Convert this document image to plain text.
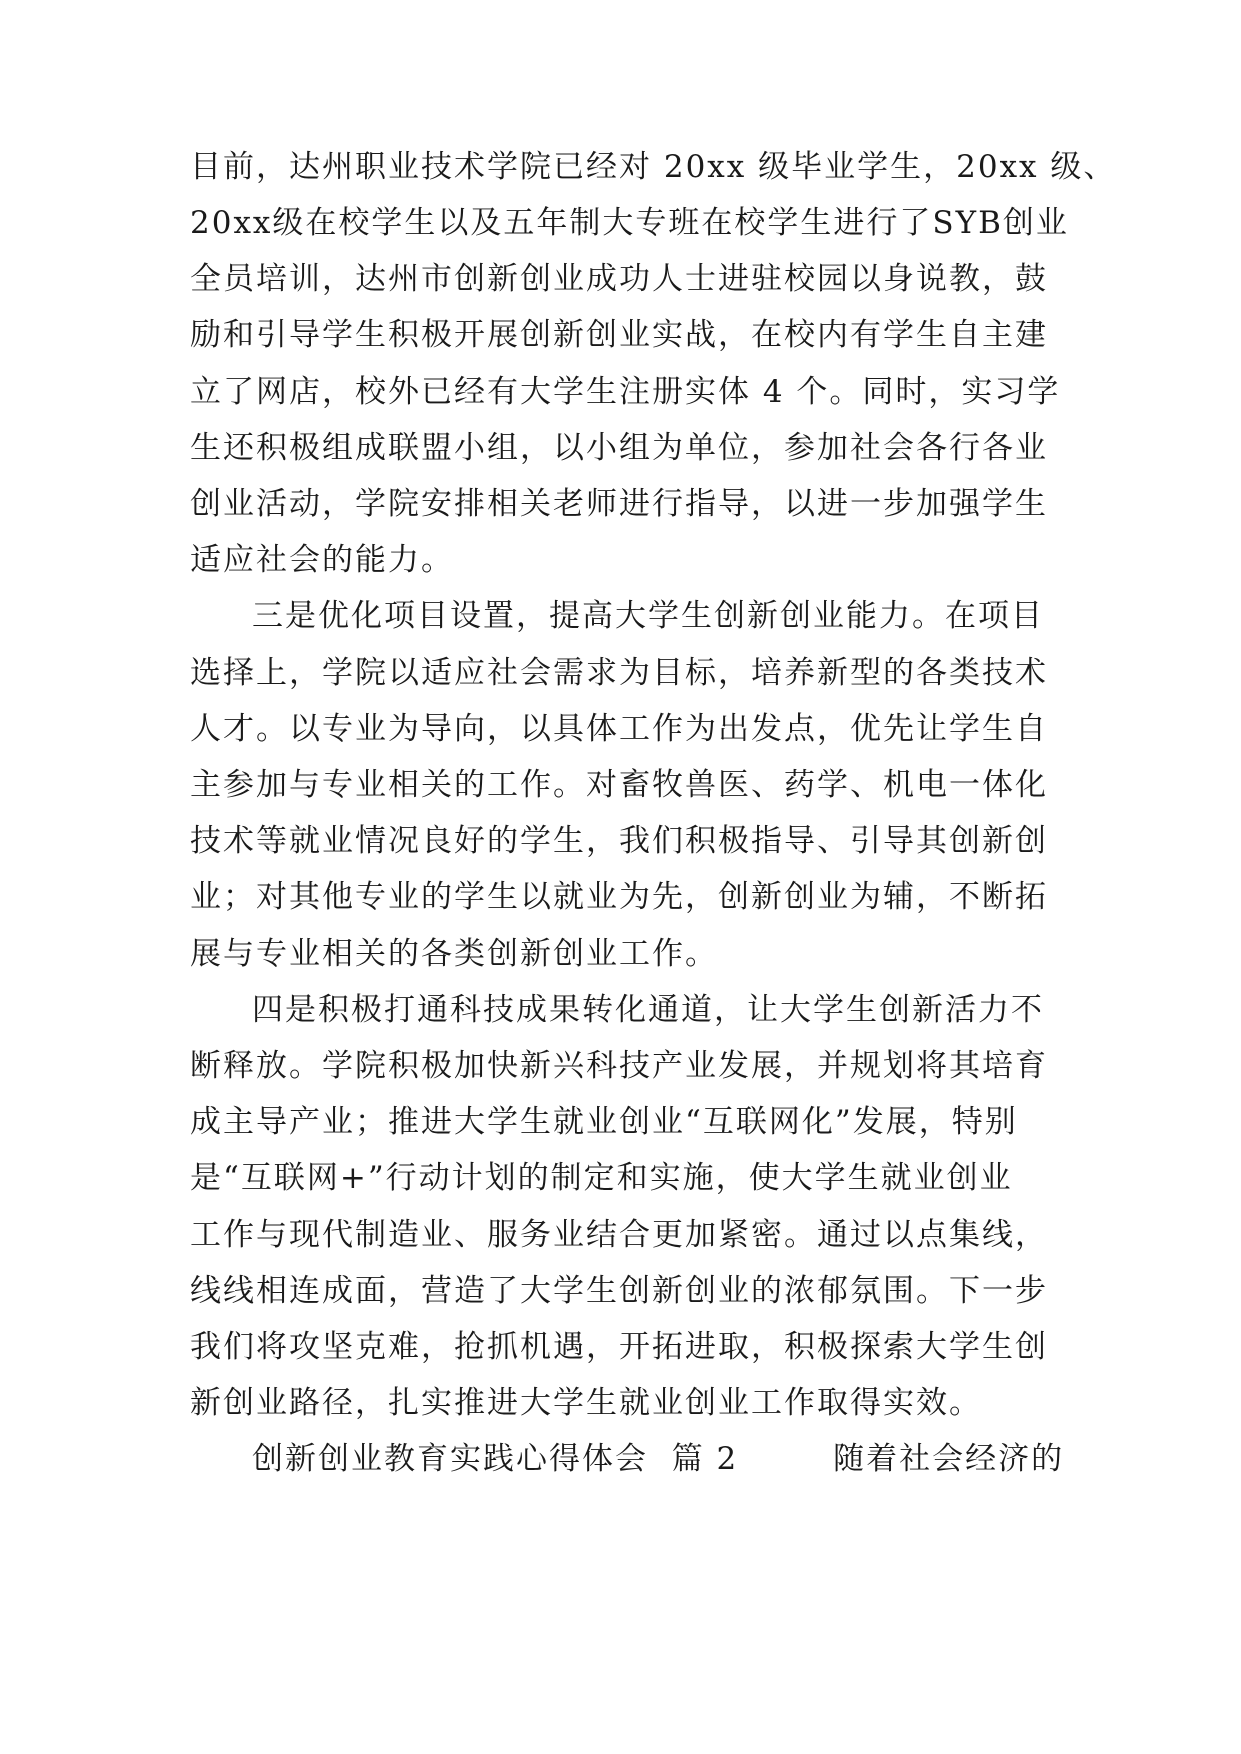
目前，达州职业技术学院已经对 20xx 级毕业学生，20xx 级、
20xx级在校学生以及五年制大专班在校学生进行了SYB创业
全员培训，达州市创新创业成功人士进驻校园以身说教，鼓
励和引导学生积极开展创新创业实战，在校内有学生自主建
立了网店，校外已经有大学生注册实体 4 个。同时，实习学
生还积极组成联盟小组，以小组为单位，参加社会各行各业
创业活动，学院安排相关老师进行指导，以进一步加强学生
适应社会的能力。
三是优化项目设置，提高大学生创新创业能力。在项目
选择上，学院以适应社会需求为目标，培养新型的各类技术
人才。以专业为导向，以具体工作为出发点，优先让学生自
主参加与专业相关的工作。对畜牧兽医、药学、机电一体化
技术等就业情况良好的学生，我们积极指导、引导其创新创
业；对其他专业的学生以就业为先，创新创业为辅，不断拓
展与专业相关的各类创新创业工作。
四是积极打通科技成果转化通道，让大学生创新活力不
断释放。学院积极加快新兴科技产业发展，并规划将其培育
成主导产业；推进大学生就业创业“互联网化”发展，特别
是“互联网+”行动计划的制定和实施，使大学生就业创业
工作与现代制造业、服务业结合更加紧密。通过以点集线，
线线相连成面，营造了大学生创新创业的浓郁氛围。下一步
我们将攻坚克难，抢抓机遇，开拓进取，积极探索大学生创
新创业路径，扎实推进大学生就业创业工作取得实效。
创新创业教育实践心得体会  篇 2        随着社会经济的
